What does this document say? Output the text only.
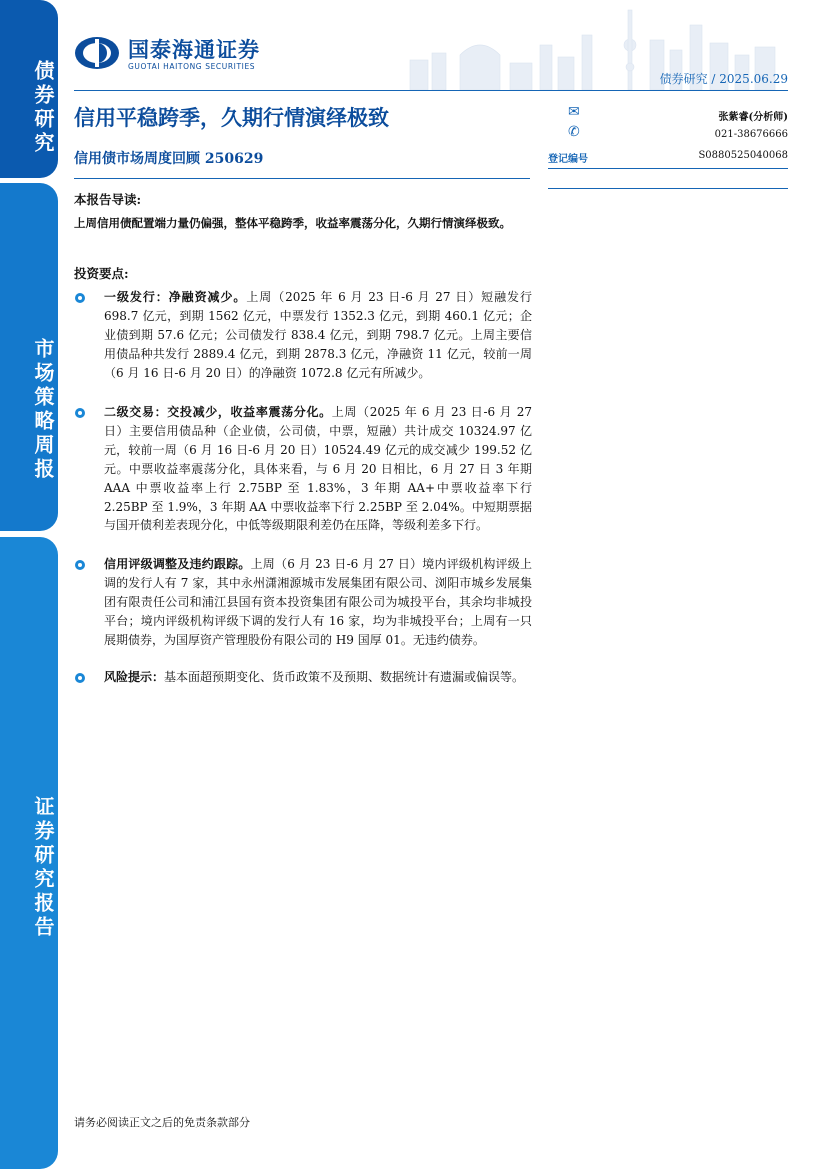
债券研究
市场策略周报
证券研究报告
国泰海通证券
GUOTAI HAITONG SECURITIES
债券研究 / 2025.06.29
信用平稳跨季，久期行情演绎极致
信用债市场周度回顾 250629
✉
✆
登记编号
张紫睿(分析师)
021-38676666
S0880525040068
本报告导读:
上周信用债配置端力量仍偏强，整体平稳跨季，收益率震荡分化，久期行情演绎极致。
投资要点:
一级发行：净融资减少。上周（2025 年 6 月 23 日-6 月 27 日）短融发行 698.7 亿元，到期 1562 亿元，中票发行 1352.3 亿元，到期 460.1 亿元；企业债到期 57.6 亿元；公司债发行 838.4 亿元，到期 798.7 亿元。上周主要信用债品种共发行 2889.4 亿元，到期 2878.3 亿元，净融资 11 亿元，较前一周（6 月 16 日-6 月 20 日）的净融资 1072.8 亿元有所减少。
二级交易：交投减少，收益率震荡分化。上周（2025 年 6 月 23 日-6 月 27 日）主要信用债品种（企业债，公司债，中票，短融）共计成交 10324.97 亿元，较前一周（6 月 16 日-6 月 20 日）10524.49 亿元的成交减少 199.52 亿元。中票收益率震荡分化，具体来看，与 6 月 20 日相比，6 月 27 日 3 年期 AAA 中票收益率上行 2.75BP 至 1.83%，3 年期 AA+中票收益率下行 2.25BP 至 1.9%，3 年期 AA 中票收益率下行 2.25BP 至 2.04%。中短期票据与国开债利差表现分化，中低等级期限利差仍在压降，等级利差多下行。
信用评级调整及违约跟踪。上周（6 月 23 日-6 月 27 日）境内评级机构评级上调的发行人有 7 家，其中永州潇湘源城市发展集团有限公司、浏阳市城乡发展集团有限责任公司和浦江县国有资本投资集团有限公司为城投平台，其余均非城投平台；境内评级机构评级下调的发行人有 16 家，均为非城投平台；上周有一只展期债券，为国厚资产管理股份有限公司的 H9 国厚 01。无违约债券。
风险提示：基本面超预期变化、货币政策不及预期、数据统计有遗漏或偏误等。
请务必阅读正文之后的免责条款部分
